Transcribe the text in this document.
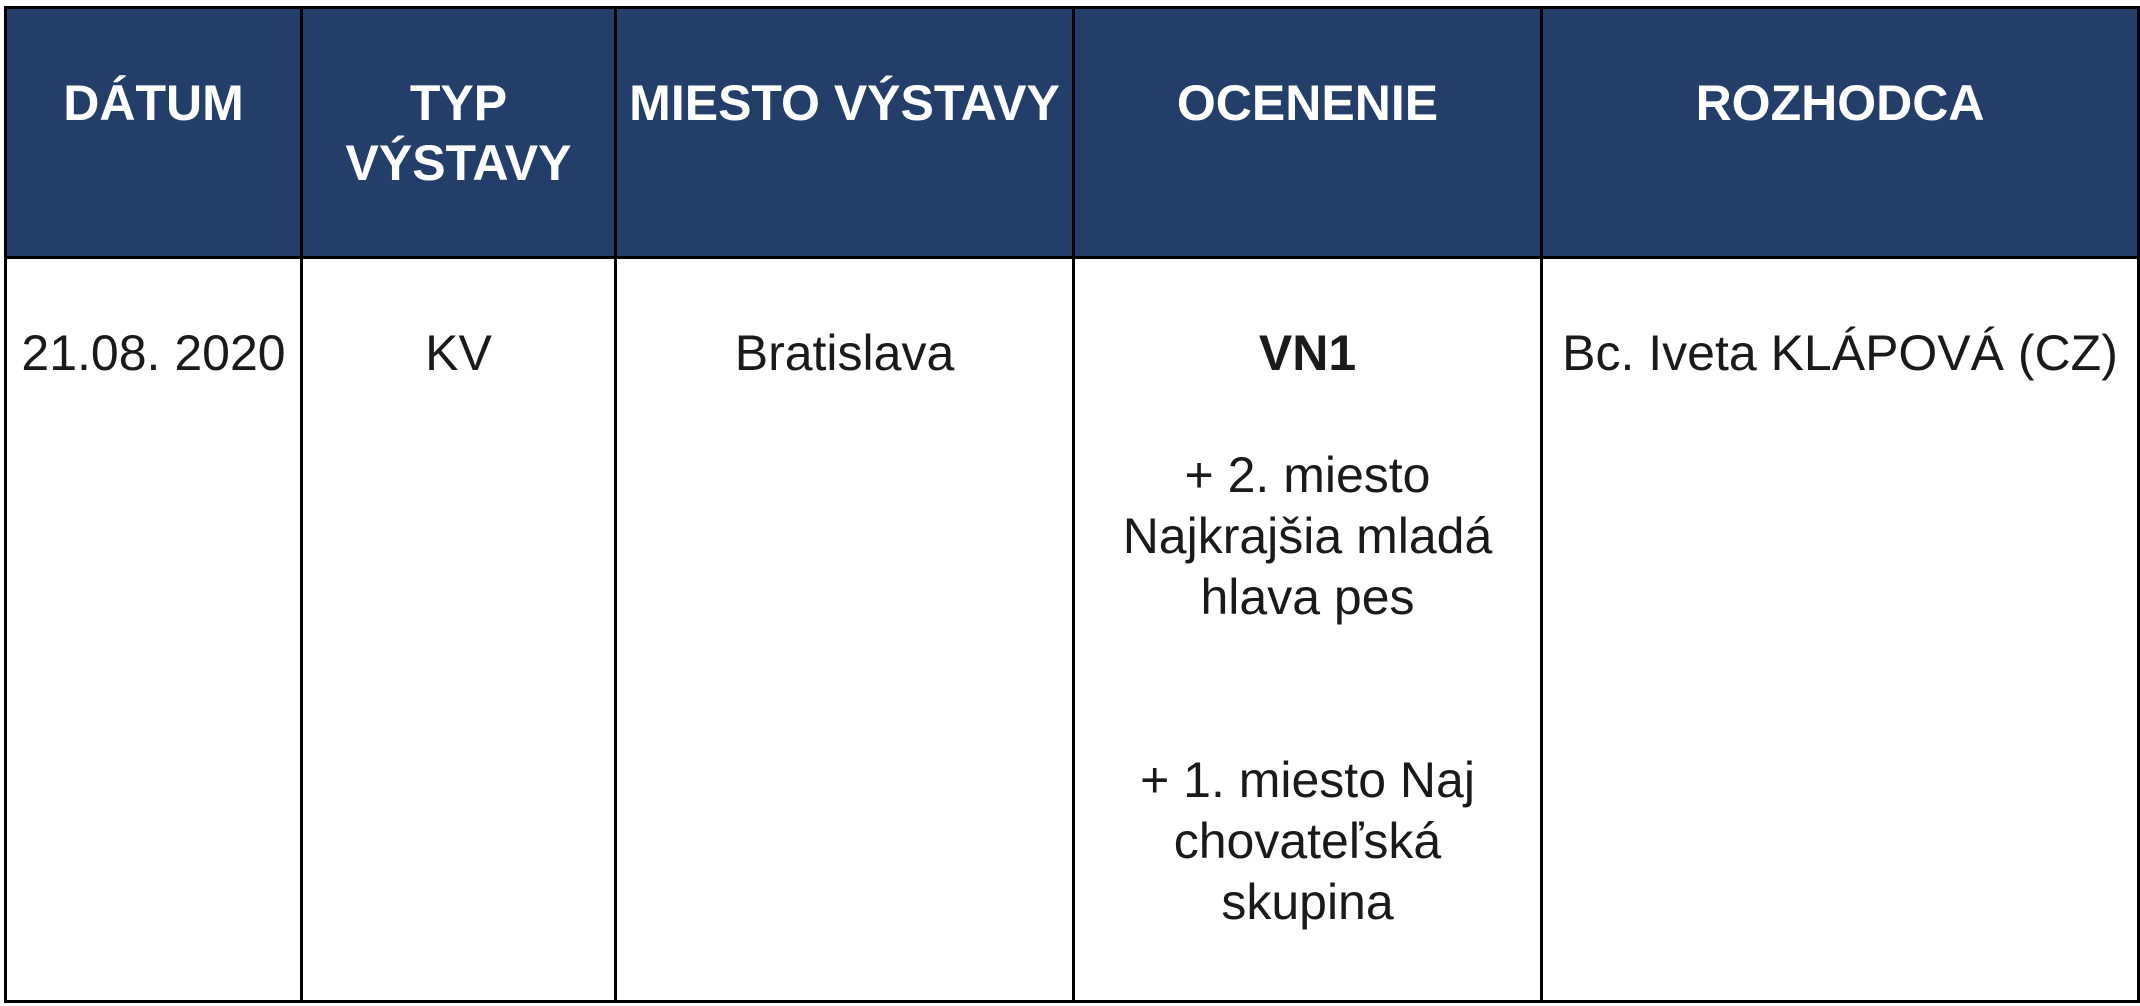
DÁTUM	TYP VÝSTAVY	MIESTO VÝSTAVY	OCENENIE	ROZHODCA
21.08. 2020	KV	Bratislava	VN1
+ 2. miesto Najkrajšia mladá hlava pes
+ 1. miesto Naj chovateľská skupina	Bc. Iveta KLÁPOVÁ (CZ)
